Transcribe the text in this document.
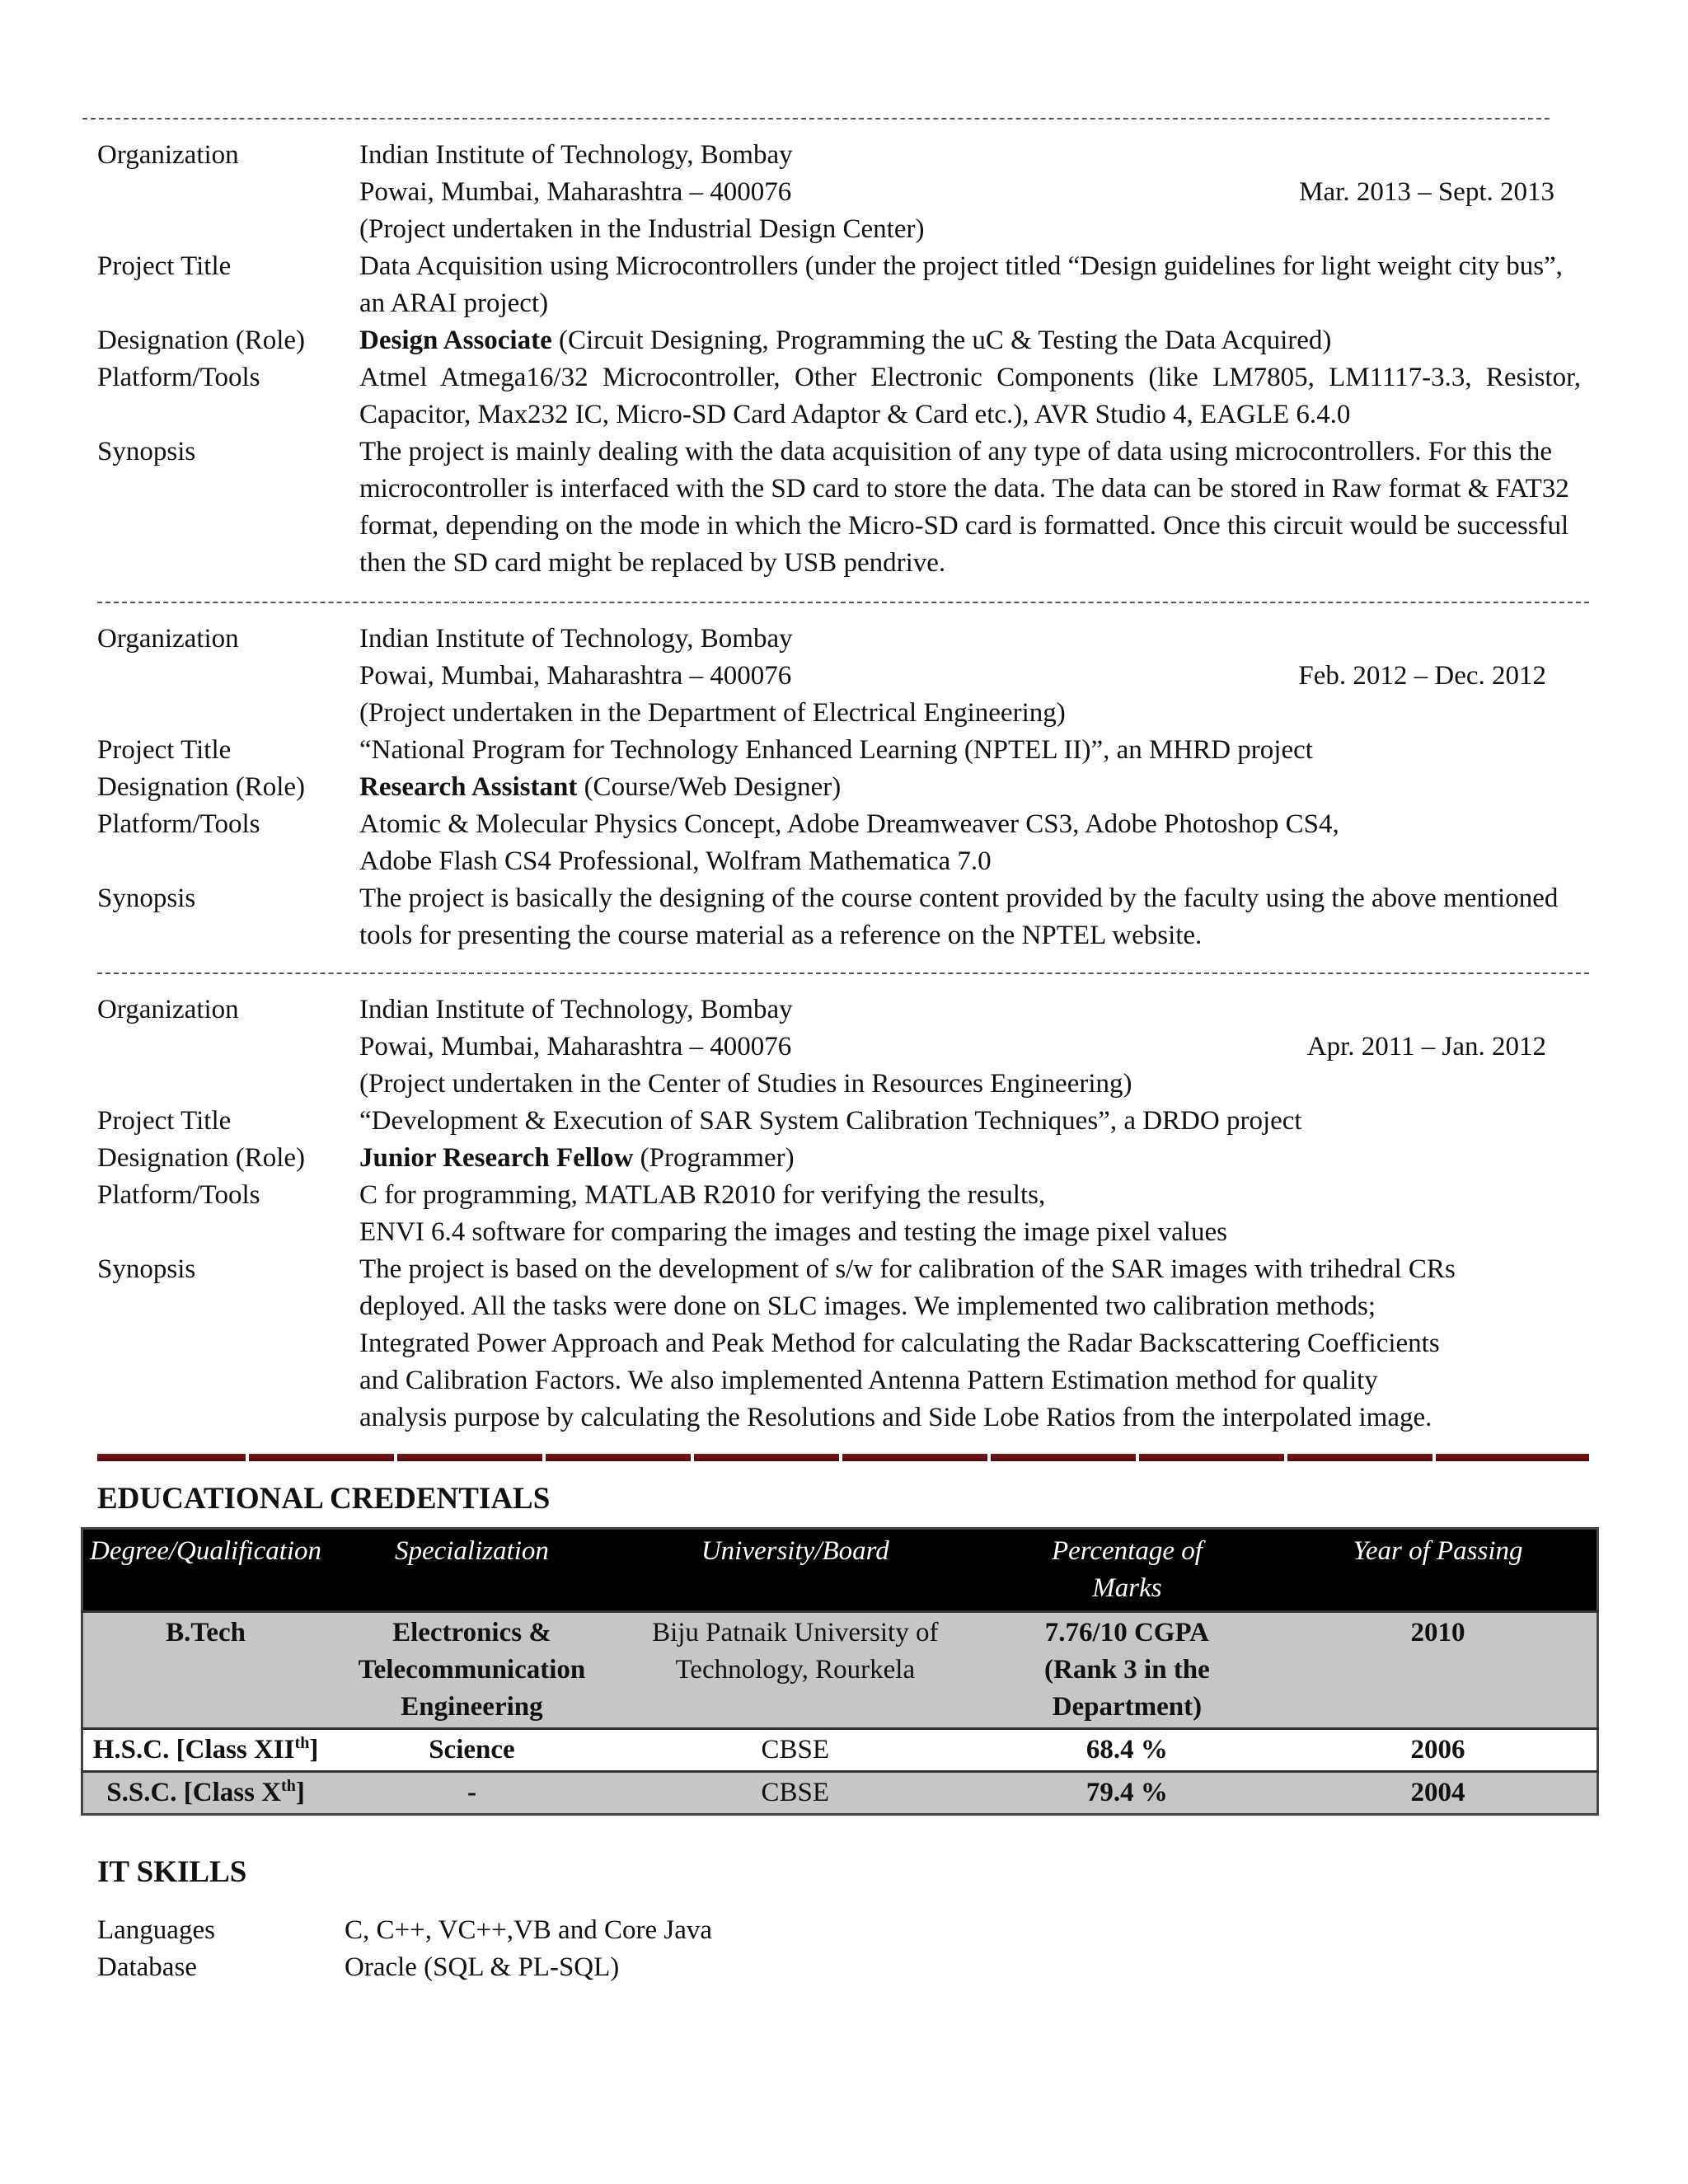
Organization	Indian Institute of Technology, Bombay
Powai, Mumbai, Maharashtra – 400076	Mar. 2013 – Sept. 2013
(Project undertaken in the Industrial Design Center)
Project Title	Data Acquisition using Microcontrollers (under the project titled “Design guidelines for light weight city bus”, an ARAI project)
Designation (Role)	Design Associate (Circuit Designing, Programming the uC & Testing the Data Acquired)
Platform/Tools	Atmel Atmega16/32 Microcontroller, Other Electronic Components (like LM7805, LM1117-3.3, Resistor, Capacitor, Max232 IC, Micro-SD Card Adaptor & Card etc.), AVR Studio 4, EAGLE 6.4.0
Synopsis	The project is mainly dealing with the data acquisition of any type of data using microcontrollers. For this the microcontroller is interfaced with the SD card to store the data. The data can be stored in Raw format & FAT32 format, depending on the mode in which the Micro-SD card is formatted. Once this circuit would be successful then the SD card might be replaced by USB pendrive.
Organization	Indian Institute of Technology, Bombay
Powai, Mumbai, Maharashtra – 400076	Feb. 2012 – Dec. 2012
(Project undertaken in the Department of Electrical Engineering)
Project Title	“National Program for Technology Enhanced Learning (NPTEL II)”, an MHRD project
Designation (Role)	Research Assistant (Course/Web Designer)
Platform/Tools	Atomic & Molecular Physics Concept, Adobe Dreamweaver CS3, Adobe Photoshop CS4,
Adobe Flash CS4 Professional, Wolfram Mathematica 7.0
Synopsis	The project is basically the designing of the course content provided by the faculty using the above mentioned tools for presenting the course material as a reference on the NPTEL website.
Organization	Indian Institute of Technology, Bombay
Powai, Mumbai, Maharashtra – 400076	Apr. 2011 – Jan. 2012
(Project undertaken in the Center of Studies in Resources Engineering)
Project Title	“Development & Execution of SAR System Calibration Techniques”, a DRDO project
Designation (Role)	Junior Research Fellow (Programmer)
Platform/Tools	C for programming, MATLAB R2010 for verifying the results,
ENVI 6.4 software for comparing the images and testing the image pixel values
Synopsis	The project is based on the development of s/w for calibration of the SAR images with trihedral CRs
deployed. All the tasks were done on SLC images. We implemented two calibration methods;
Integrated Power Approach and Peak Method for calculating the Radar Backscattering Coefficients
and Calibration Factors. We also implemented Antenna Pattern Estimation method for quality
analysis purpose by calculating the Resolutions and Side Lobe Ratios from the interpolated image.
EDUCATIONAL CREDENTIALS
Degree/Qualification	Specialization	University/Board	Percentage of Marks	Year of Passing
B.Tech	Electronics & Telecommunication Engineering	Biju Patnaik University of Technology, Rourkela	7.76/10 CGPA (Rank 3 in the Department)	2010
H.S.C. [Class XIIth]	Science	CBSE	68.4 %	2006
S.S.C. [Class Xth]	-	CBSE	79.4 %	2004
IT SKILLS
Languages	C, C++, VC++,VB and Core Java
Database	Oracle (SQL & PL-SQL)
